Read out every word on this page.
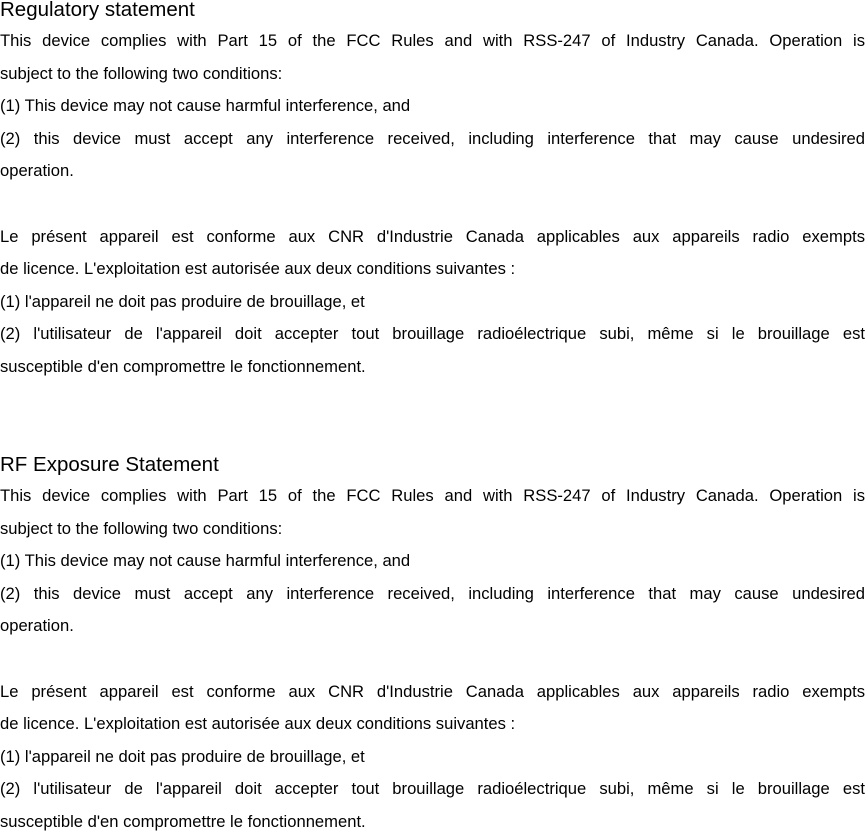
Regulatory statement

This device complies with Part 15 of the FCC Rules and with RSS-247 of Industry Canada. Operation is

subject to the following two conditions:

(1) This device may not cause harmful interference, and

(2) this device must accept any interference received, including interference that may cause undesired

operation.

Le présent appareil est conforme aux CNR d'Industrie Canada applicables aux appareils radio exempts

de licence. L'exploitation est autorisée aux deux conditions suivantes :

(1) l'appareil ne doit pas produire de brouillage, et

(2) l'utilisateur de l'appareil doit accepter tout brouillage radioélectrique subi, même si le brouillage est

susceptible d'en compromettre le fonctionnement.

RF Exposure Statement

This device complies with Part 15 of the FCC Rules and with RSS-247 of Industry Canada. Operation is

subject to the following two conditions:

(1) This device may not cause harmful interference, and

(2) this device must accept any interference received, including interference that may cause undesired

operation.

Le présent appareil est conforme aux CNR d'Industrie Canada applicables aux appareils radio exempts

de licence. L'exploitation est autorisée aux deux conditions suivantes :

(1) l'appareil ne doit pas produire de brouillage, et

(2) l'utilisateur de l'appareil doit accepter tout brouillage radioélectrique subi, même si le brouillage est

susceptible d'en compromettre le fonctionnement.
